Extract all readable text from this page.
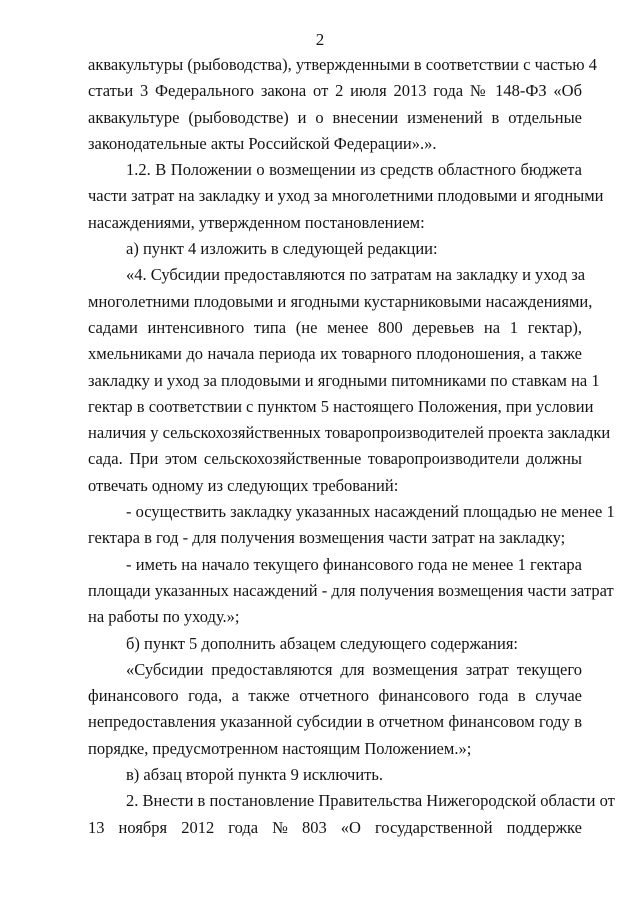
2
аквакультуры (рыбоводства), утвержденными в соответствии с частью 4
статьи 3 Федерального закона от 2 июля 2013 года № 148-ФЗ «Об
аквакультуре (рыбоводстве) и о внесении изменений в отдельные
законодательные акты Российской Федерации».».
1.2. В Положении о возмещении из средств областного бюджета
части затрат на закладку и уход за многолетними плодовыми и ягодными
насаждениями, утвержденном постановлением:
а) пункт 4 изложить в следующей редакции:
«4. Субсидии предоставляются по затратам на закладку и уход за
многолетними плодовыми и ягодными кустарниковыми насаждениями,
садами интенсивного типа (не менее 800 деревьев на 1 гектар),
хмельниками до начала периода их товарного плодоношения, а также
закладку и уход за плодовыми и ягодными питомниками по ставкам на 1
гектар в соответствии с пунктом 5 настоящего Положения, при условии
наличия у сельскохозяйственных товаропроизводителей проекта закладки
сада. При этом сельскохозяйственные товаропроизводители должны
отвечать одному из следующих требований:
- осуществить закладку указанных насаждений площадью не менее 1
гектара в год - для получения возмещения части затрат на закладку;
- иметь на начало текущего финансового года не менее 1 гектара
площади указанных насаждений - для получения возмещения части затрат
на работы по уходу.»;
б) пункт 5 дополнить абзацем следующего содержания:
«Субсидии предоставляются для возмещения затрат текущего
финансового года, а также отчетного финансового года в случае
непредоставления указанной субсидии в отчетном финансовом году в
порядке, предусмотренном настоящим Положением.»;
в) абзац второй пункта 9 исключить.
2. Внести в постановление Правительства Нижегородской области от
13 ноября 2012 года № 803 «О государственной поддержке
